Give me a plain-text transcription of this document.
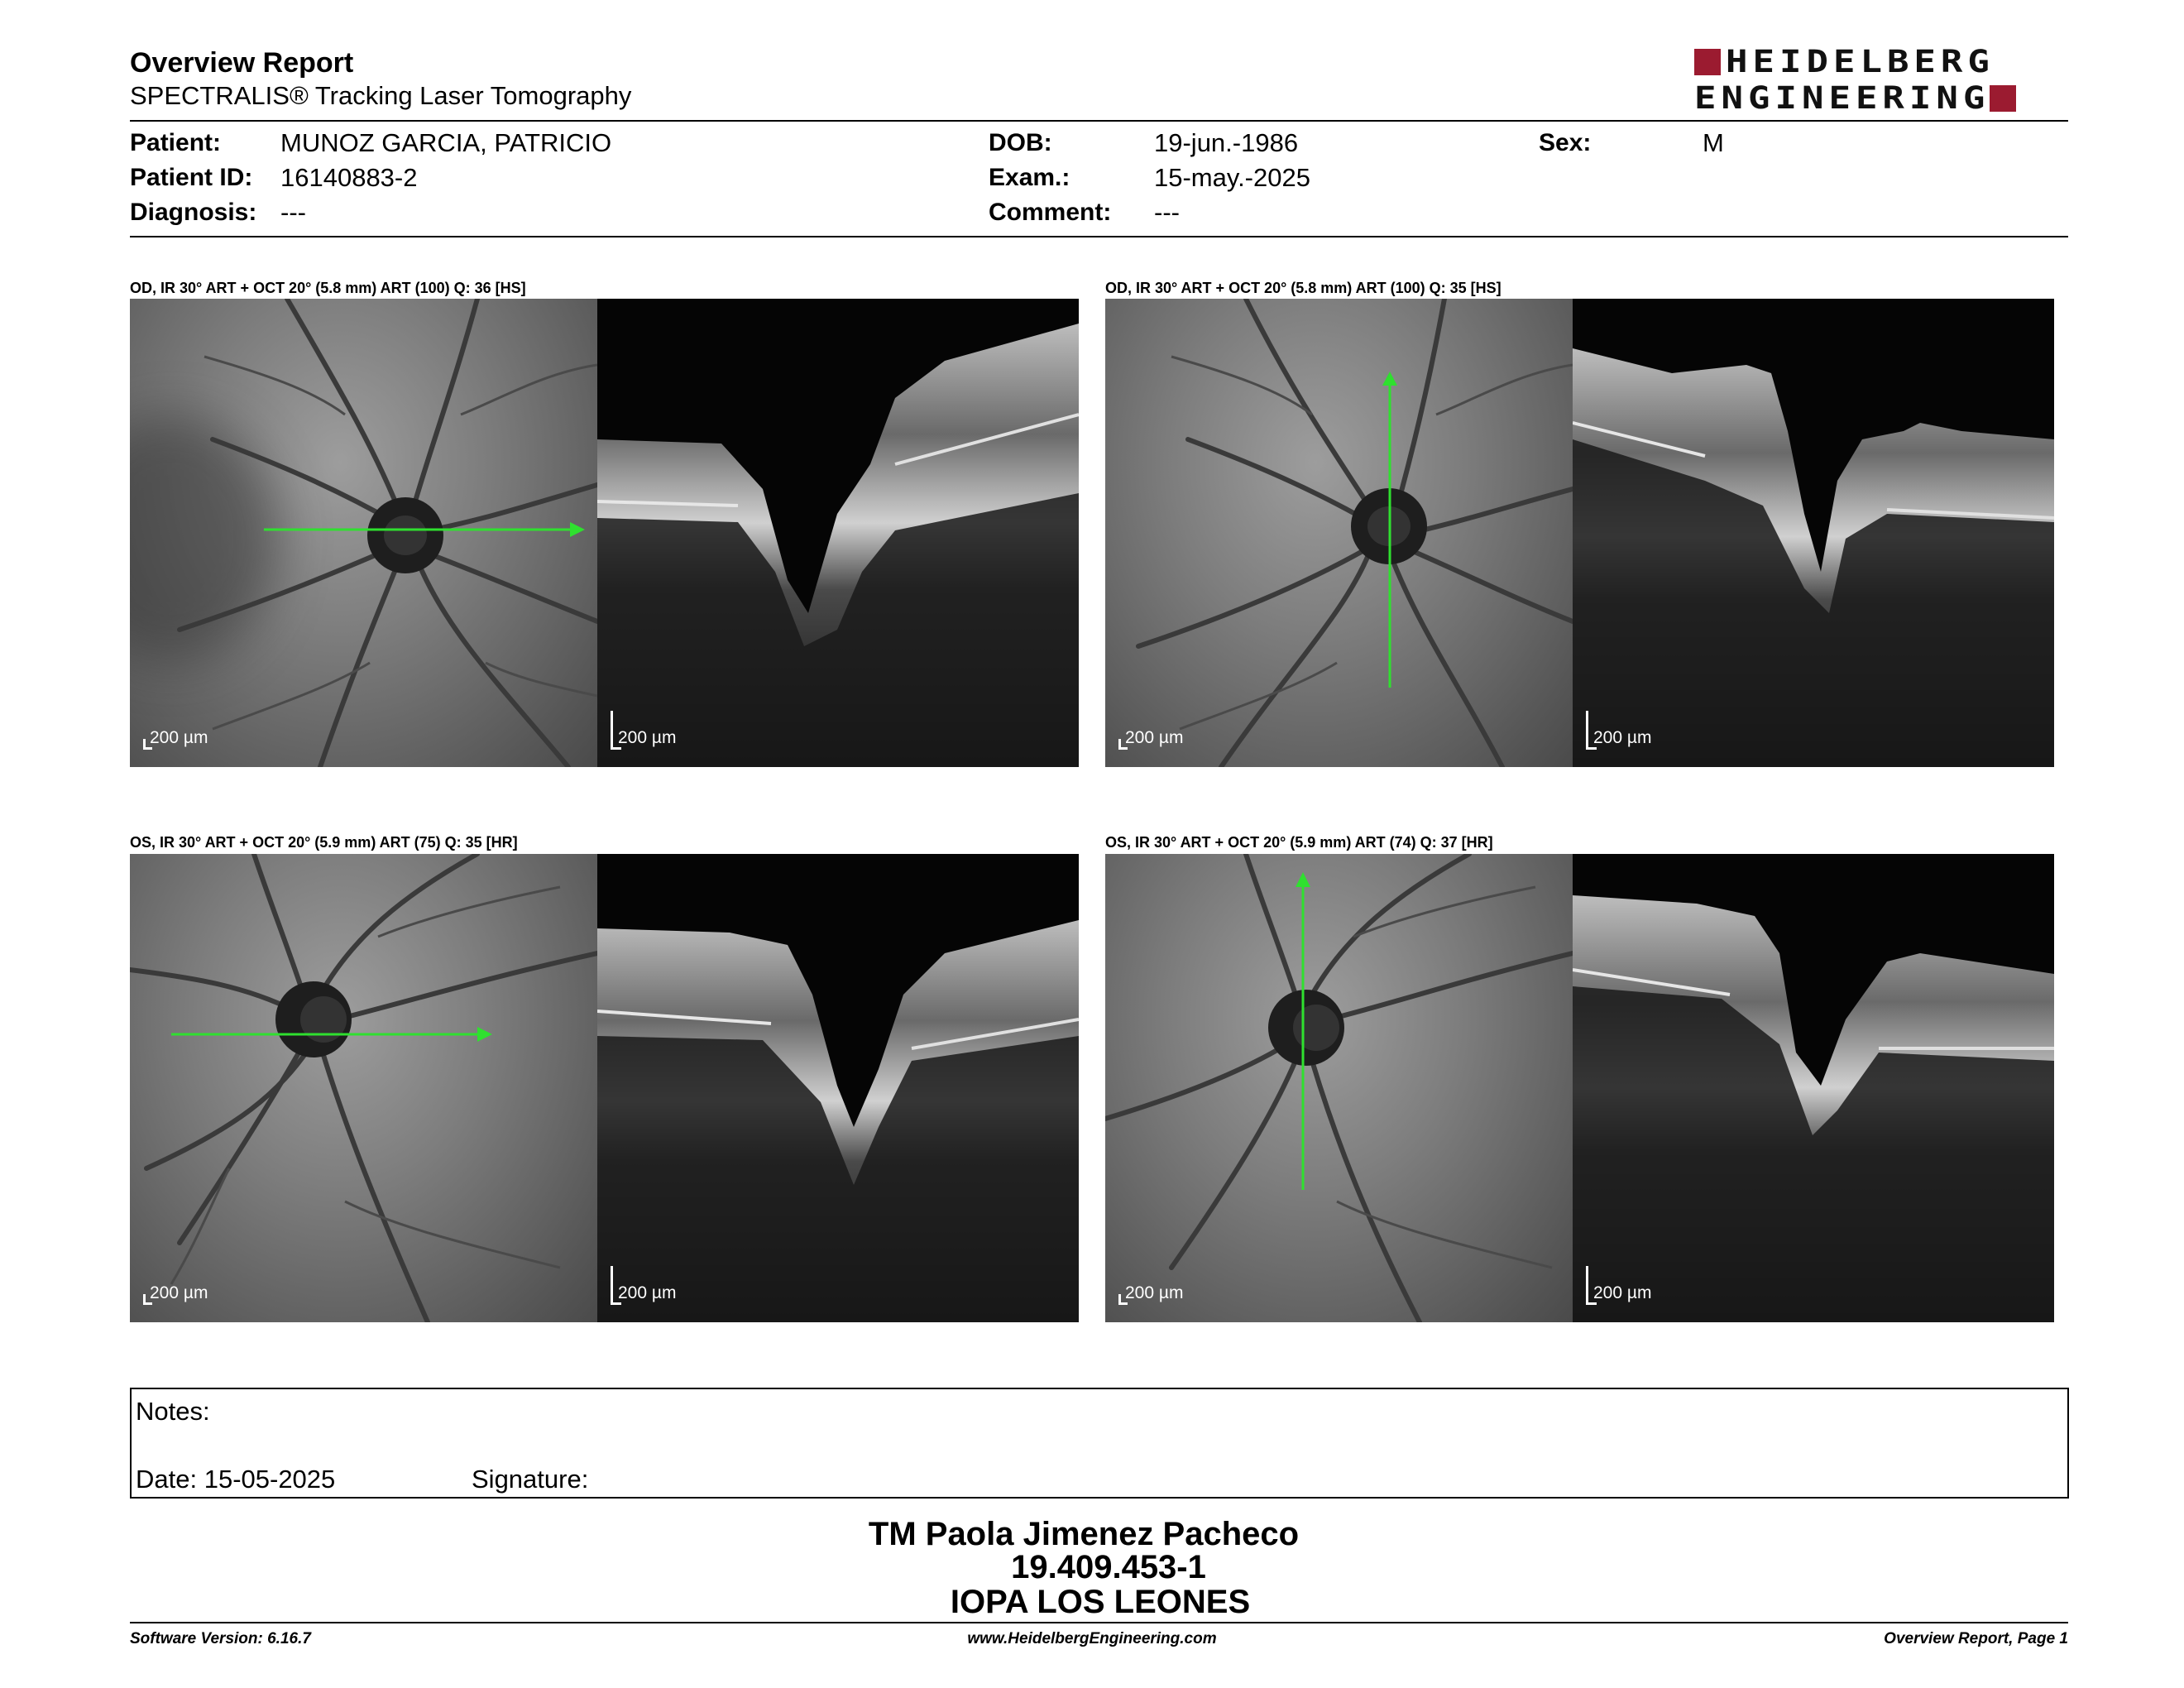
Overview Report
SPECTRALIS® Tracking Laser Tomography
HEIDELBERG
ENGINEERING
Patient: MUNOZ GARCIA, PATRICIO
Patient ID: 16140883-2
Diagnosis: ---
DOB:	19-jun.-1986
Exam.:	15-may.-2025
Comment: ---
Sex:	M
OD, IR 30° ART + OCT 20° (5.8 mm) ART (100) Q: 36 [HS]	OD, IR 30° ART + OCT 20° (5.8 mm) ART (100) Q: 35 [HS]
OS, IR 30° ART + OCT 20° (5.9 mm) ART (75) Q: 35 [HR]	OS, IR 30° ART + OCT 20° (5.9 mm) ART (74) Q: 37 [HR]
200 µm	200 µm	200 µm	200 µm
200 µm	200 µm	200 µm	200 µm
Notes:
Date: 15-05-2025	Signature:
TM Paola Jimenez Pacheco
19.409.453-1
IOPA LOS LEONES
Software Version: 6.16.7	www.HeidelbergEngineering.com	Overview Report, Page 1
